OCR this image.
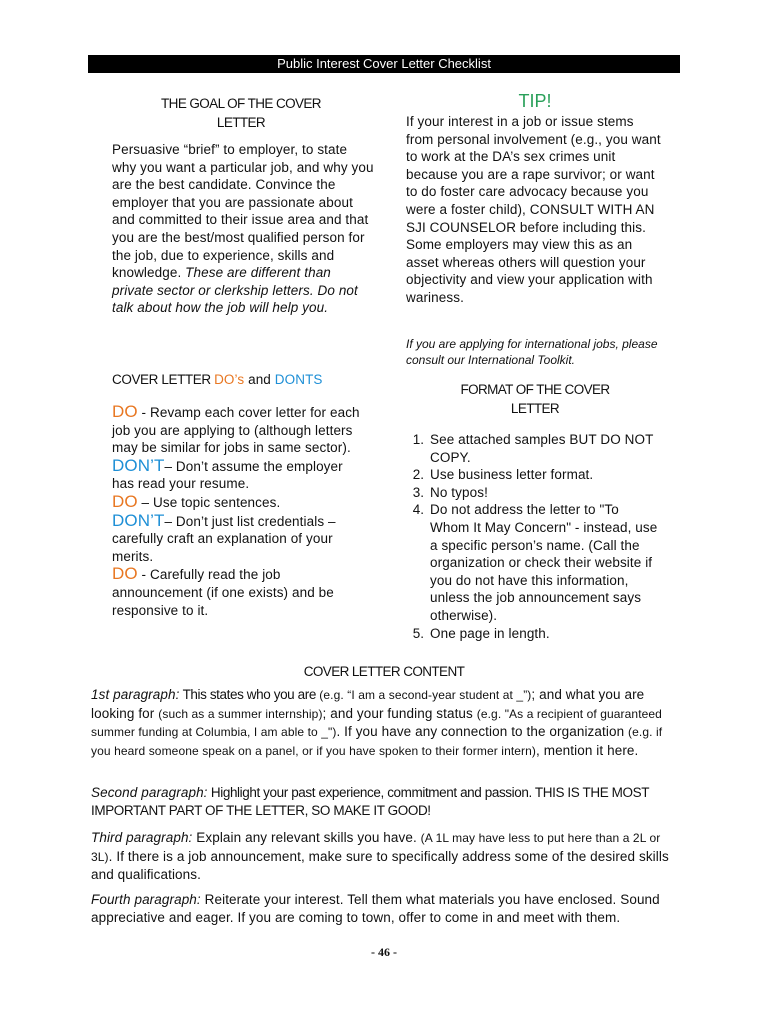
Public Interest Cover Letter Checklist
THE GOAL OF THE COVER
LETTER
Persuasive “brief” to employer, to state why you want a particular job, and why you are the best candidate. Convince the employer that you are passionate about and committed to their issue area and that you are the best/most qualified person for the job, due to experience, skills and knowledge. These are different than private sector or clerkship letters. Do not talk about how the job will help you.
COVER LETTER DO’s and DONTS
DO - Revamp each cover letter for each job you are applying to (although letters may be similar for jobs in same sector).
DON’T– Don’t assume the employer has read your resume.
DO – Use topic sentences.
DON’T– Don’t just list credentials – carefully craft an explanation of your merits.
DO - Carefully read the job announcement (if one exists) and be responsive to it.
TIP!
If your interest in a job or issue stems from personal involvement (e.g., you want to work at the DA’s sex crimes unit because you are a rape survivor; or want to do foster care advocacy because you were a foster child), CONSULT WITH AN SJI COUNSELOR before including this. Some employers may view this as an asset whereas others will question your objectivity and view your application with wariness.
If you are applying for international jobs, please consult our International Toolkit.
FORMAT OF THE COVER
LETTER
1. See attached samples BUT DO NOT COPY.
2. Use business letter format.
3. No typos!
4. Do not address the letter to "To Whom It May Concern" - instead, use a specific person’s name. (Call the organization or check their website if you do not have this information, unless the job announcement says otherwise).
5. One page in length.
COVER LETTER CONTENT
1st paragraph: This states who you are (e.g. “I am a second-year student at _”); and what you are looking for (such as a summer internship); and your funding status (e.g. "As a recipient of guaranteed summer funding at Columbia, I am able to _"). If you have any connection to the organization (e.g. if you heard someone speak on a panel, or if you have spoken to their former intern), mention it here.
Second paragraph: Highlight your past experience, commitment and passion. THIS IS THE MOST IMPORTANT PART OF THE LETTER, SO MAKE IT GOOD!
Third paragraph: Explain any relevant skills you have. (A 1L may have less to put here than a 2L or 3L). If there is a job announcement, make sure to specifically address some of the desired skills and qualifications.
Fourth paragraph: Reiterate your interest. Tell them what materials you have enclosed. Sound appreciative and eager. If you are coming to town, offer to come in and meet with them.
- 46 -
